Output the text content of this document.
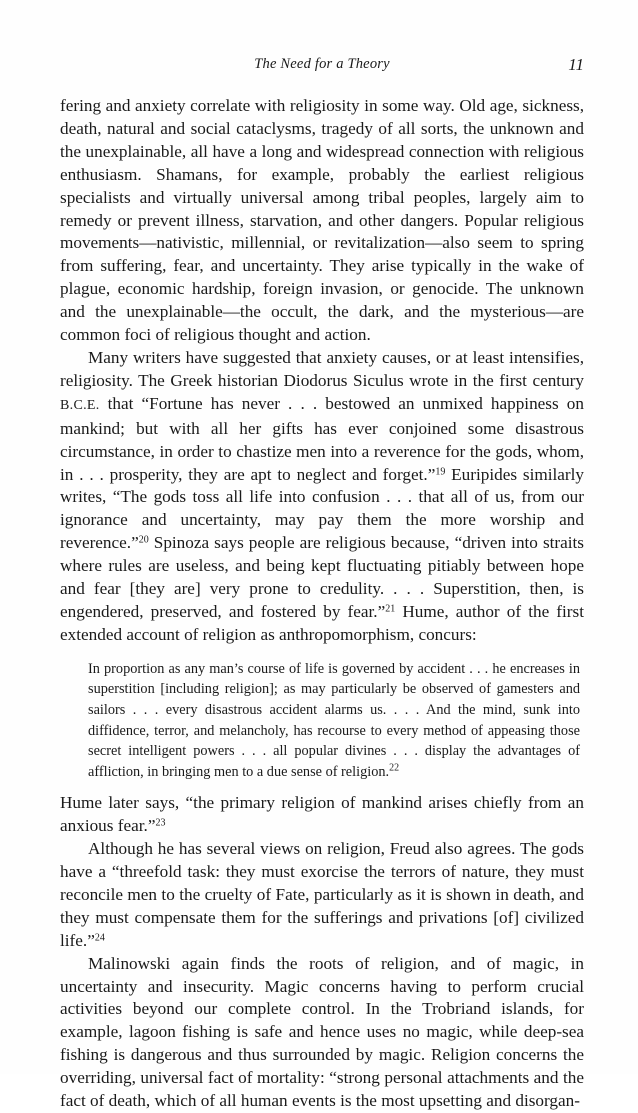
The Need for a Theory	11

fering and anxiety correlate with religiosity in some way. Old age, sickness, death, natural and social cataclysms, tragedy of all sorts, the unknown and the unexplainable, all have a long and widespread connection with religious enthusiasm. Shamans, for example, probably the earliest religious specialists and virtually universal among tribal peoples, largely aim to remedy or prevent illness, starvation, and other dangers. Popular religious movements—nativistic, millennial, or revitalization—also seem to spring from suffering, fear, and uncertainty. They arise typically in the wake of plague, economic hardship, foreign invasion, or genocide. The unknown and the unexplainable—the occult, the dark, and the mysterious—are common foci of religious thought and action.

Many writers have suggested that anxiety causes, or at least intensifies, religiosity. The Greek historian Diodorus Siculus wrote in the first century B.C.E. that “Fortune has never . . . bestowed an unmixed happiness on mankind; but with all her gifts has ever conjoined some disastrous circumstance, in order to chastize men into a reverence for the gods, whom, in . . . prosperity, they are apt to neglect and forget.”$^{19}$ Euripides similarly writes, “The gods toss all life into confusion . . . that all of us, from our ignorance and uncertainty, may pay them the more worship and reverence.”$^{20}$ Spinoza says people are religious because, “driven into straits where rules are useless, and being kept fluctuating pitiably between hope and fear [they are] very prone to credulity. . . . Superstition, then, is engendered, preserved, and fostered by fear.”$^{21}$ Hume, author of the first extended account of religion as anthropomorphism, concurs:

In proportion as any man’s course of life is governed by accident . . . he encreases in superstition [including religion]; as may particularly be observed of gamesters and sailors . . . every disastrous accident alarms us. . . . And the mind, sunk into diffidence, terror, and melancholy, has recourse to every method of appeasing those secret intelligent powers . . . all popular divines . . . display the advantages of affliction, in bringing men to a due sense of religion.$^{22}$

Hume later says, “the primary religion of mankind arises chiefly from an anxious fear.”$^{23}$

Although he has several views on religion, Freud also agrees. The gods have a “threefold task: they must exorcise the terrors of nature, they must reconcile men to the cruelty of Fate, particularly as it is shown in death, and they must compensate them for the sufferings and privations [of] civilized life.”$^{24}$

Malinowski again finds the roots of religion, and of magic, in uncertainty and insecurity. Magic concerns having to perform crucial activities beyond our complete control. In the Trobriand islands, for example, lagoon fishing is safe and hence uses no magic, while deep-sea fishing is dangerous and thus surrounded by magic. Religion concerns the overriding, universal fact of mortality: “strong personal attachments and the fact of death, which of all human events is the most upsetting and disorgan-
